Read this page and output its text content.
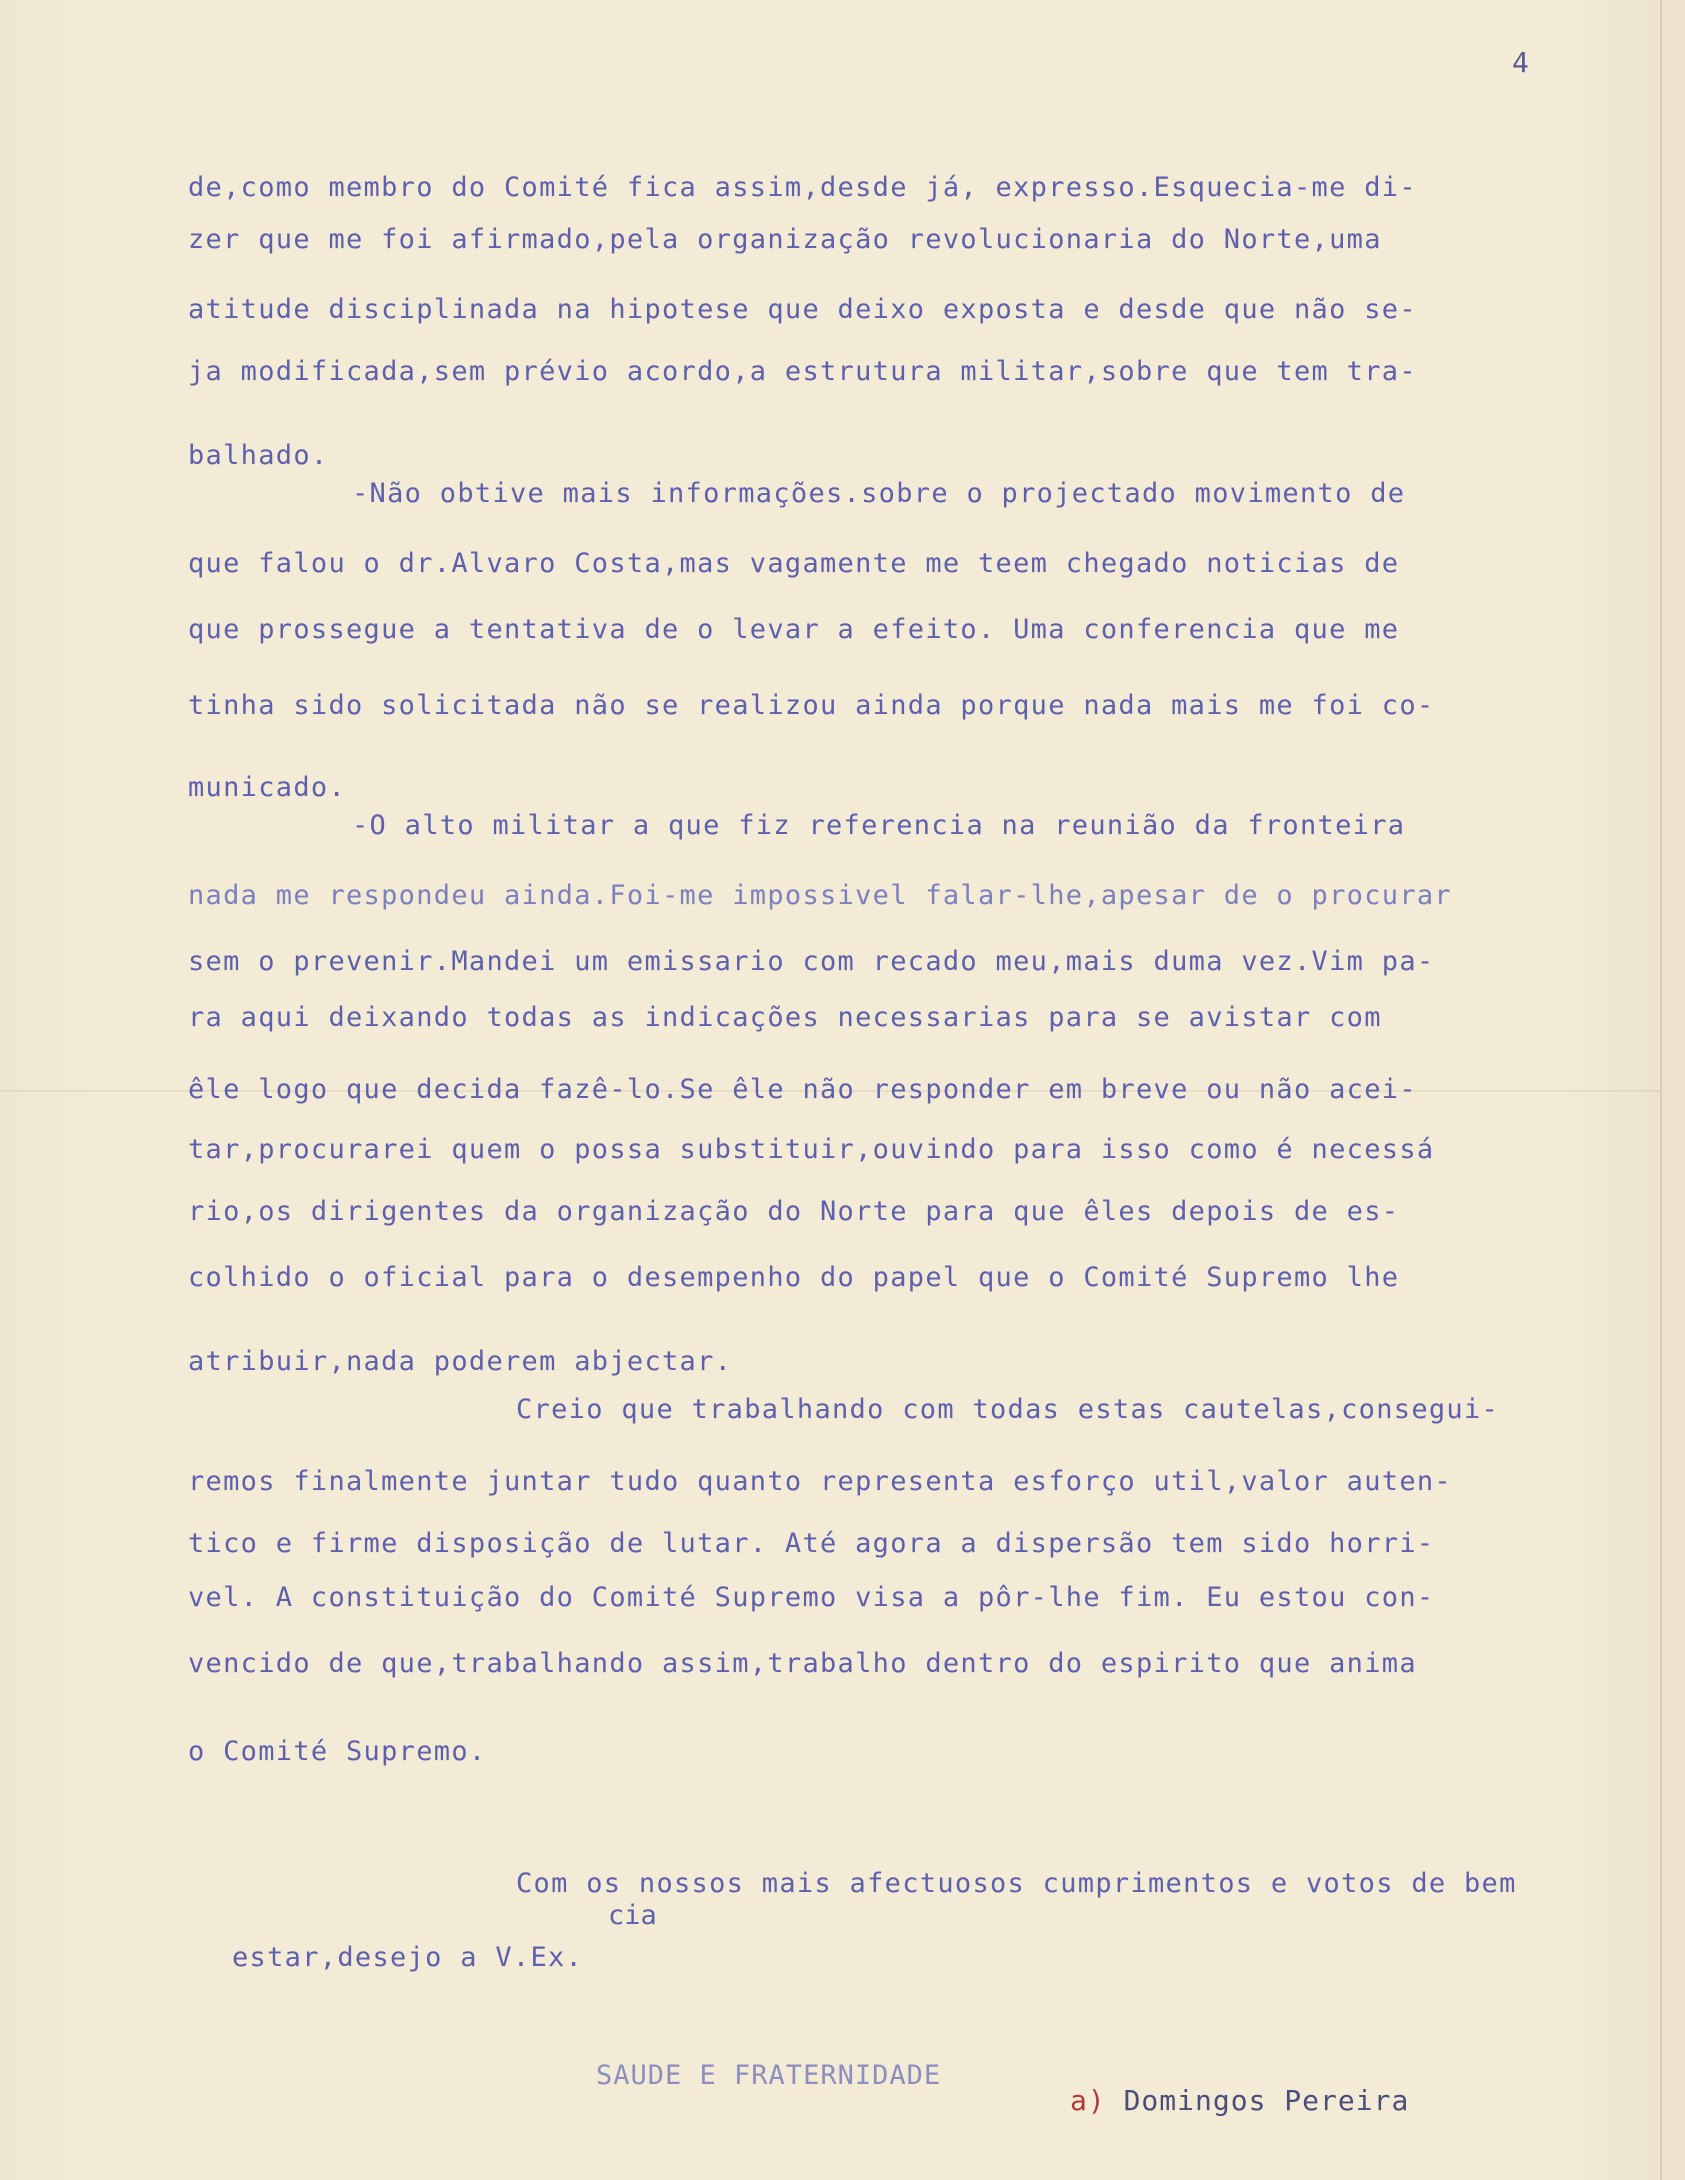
4
de,como membro do Comité fica assim,desde já, expresso.Esquecia-me di-
zer que me foi afirmado,pela organização revolucionaria do Norte,uma
atitude disciplinada na hipotese que deixo exposta e desde que não se-
ja modificada,sem prévio acordo,a estrutura militar,sobre que tem tra-
balhado.
-Não obtive mais informações.sobre o projectado movimento de
que falou o dr.Alvaro Costa,mas vagamente me teem chegado noticias de
que prossegue a tentativa de o levar a efeito. Uma conferencia que me
tinha sido solicitada não se realizou ainda porque nada mais me foi co-
municado.
-O alto militar a que fiz referencia na reunião da fronteira
nada me respondeu ainda.Foi-me impossivel falar-lhe,apesar de o procurar
sem o prevenir.Mandei um emissario com recado meu,mais duma vez.Vim pa-
ra aqui deixando todas as indicações necessarias para se avistar com
êle logo que decida fazê-lo.Se êle não responder em breve ou não acei-
tar,procurarei quem o possa substituir,ouvindo para isso como é necessá
rio,os dirigentes da organização do Norte para que êles depois de es-
colhido o oficial para o desempenho do papel que o Comité Supremo lhe
atribuir,nada poderem abjectar.
Creio que trabalhando com todas estas cautelas,consegui-
remos finalmente juntar tudo quanto representa esforço util,valor auten-
tico e firme disposição de lutar. Até agora a dispersão tem sido horri-
vel. A constituição do Comité Supremo visa a pôr-lhe fim. Eu estou con-
vencido de que,trabalhando assim,trabalho dentro do espirito que anima
o Comité Supremo.
Com os nossos mais afectuosos cumprimentos e votos de bem
cia
estar,desejo a V.Ex.
SAUDE E FRATERNIDADE
a) Domingos Pereira
